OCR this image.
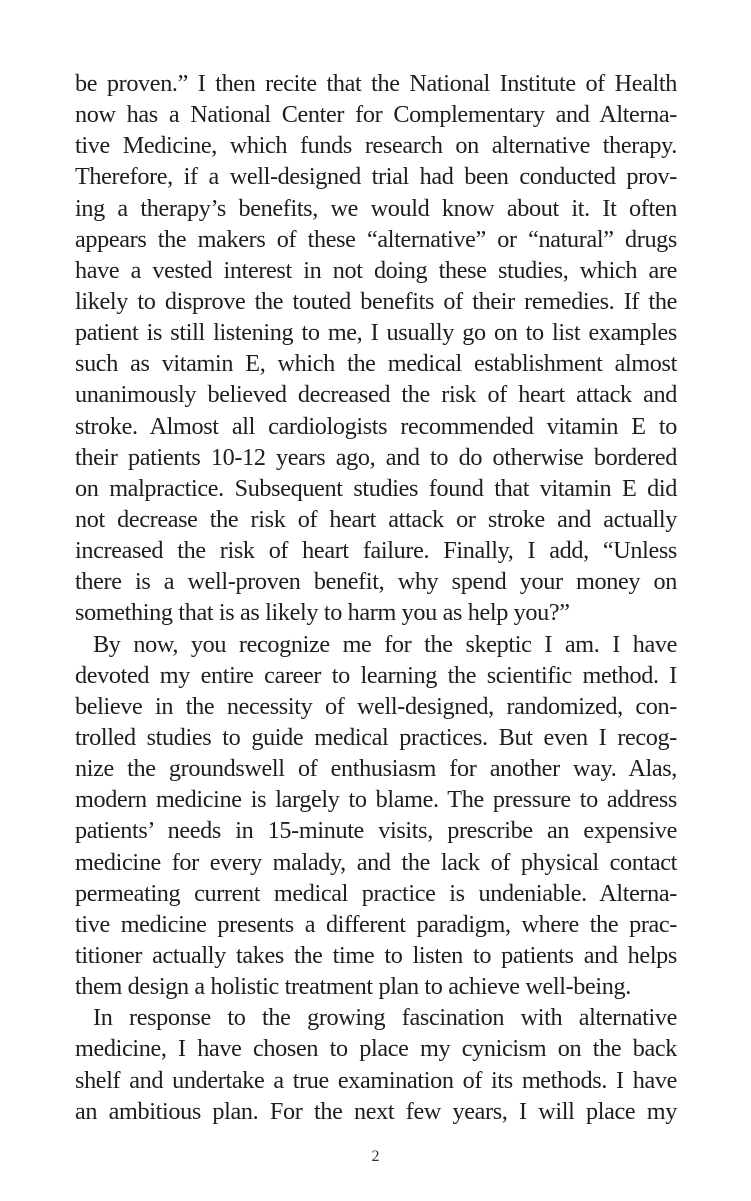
be proven.” I then recite that the National Institute of Health
now has a National Center for Complementary and Alterna-
tive Medicine, which funds research on alternative therapy.
Therefore, if a well-designed trial had been conducted prov-
ing a therapy’s benefits, we would know about it. It often
appears the makers of these “alternative” or “natural” drugs
have a vested interest in not doing these studies, which are
likely to disprove the touted benefits of their remedies. If the
patient is still listening to me, I usually go on to list examples
such as vitamin E, which the medical establishment almost
unanimously believed decreased the risk of heart attack and
stroke. Almost all cardiologists recommended vitamin E to
their patients 10-12 years ago, and to do otherwise bordered
on malpractice. Subsequent studies found that vitamin E did
not decrease the risk of heart attack or stroke and actually
increased the risk of heart failure. Finally, I add, “Unless
there is a well-proven benefit, why spend your money on
something that is as likely to harm you as help you?”
By now, you recognize me for the skeptic I am. I have
devoted my entire career to learning the scientific method. I
believe in the necessity of well-designed, randomized, con-
trolled studies to guide medical practices. But even I recog-
nize the groundswell of enthusiasm for another way. Alas,
modern medicine is largely to blame. The pressure to address
patients’ needs in 15-minute visits, prescribe an expensive
medicine for every malady, and the lack of physical contact
permeating current medical practice is undeniable. Alterna-
tive medicine presents a different paradigm, where the prac-
titioner actually takes the time to listen to patients and helps
them design a holistic treatment plan to achieve well-being.
In response to the growing fascination with alternative
medicine, I have chosen to place my cynicism on the back
shelf and undertake a true examination of its methods. I have
an ambitious plan. For the next few years, I will place my
2
